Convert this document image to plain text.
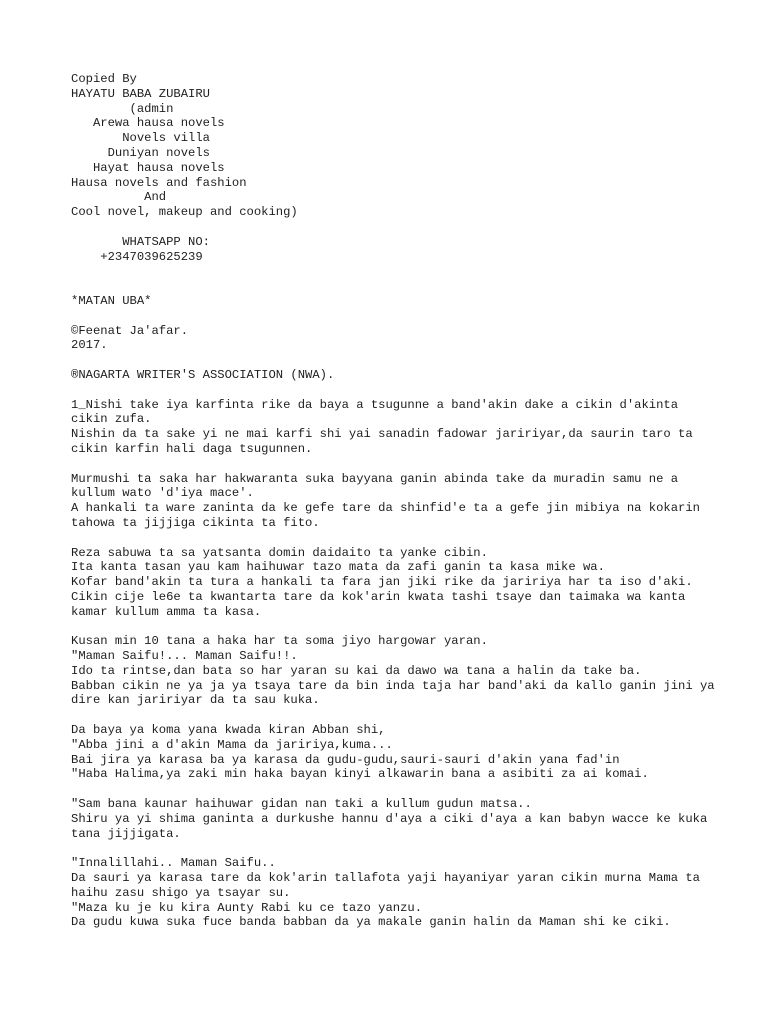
Copied By
HAYATU BABA ZUBAIRU
(admin
Arewa hausa novels
Novels villa
Duniyan novels
Hayat hausa novels
Hausa novels and fashion
And
Cool novel, makeup and cooking)
WHATSAPP NO:
+2347039625239
*MATAN UBA*
©Feenat Ja'afar.
2017.
®NAGARTA WRITER'S ASSOCIATION (NWA).
1_Nishi take iya karfinta rike da baya a tsugunne a band'akin dake a cikin d'akinta cikin zufa.
Nishin da ta sake yi ne mai karfi shi yai sanadin fadowar jaririyar,da saurin taro ta cikin karfin hali daga tsugunnen.
Murmushi ta saka har hakwaranta suka bayyana ganin abinda take da muradin samu ne a kullum wato 'd'iya mace'.
A hankali ta ware zaninta da ke gefe tare da shinfid'e ta a gefe jin mibiya na kokarin tahowa ta jijjiga cikinta ta fito.
Reza sabuwa ta sa yatsanta domin daidaito ta yanke cibin.
Ita kanta tasan yau kam haihuwar tazo mata da zafi ganin ta kasa mike wa.
Kofar band'akin ta tura a hankali ta fara jan jiki rike da jaririya har ta iso d'aki.
Cikin cije le6e ta kwantarta tare da kok'arin kwata tashi tsaye dan taimaka wa kanta kamar kullum amma ta kasa.
Kusan min 10 tana a haka har ta soma jiyo hargowar yaran.
"Maman Saifu!... Maman Saifu!!.
Ido ta rintse,dan bata so har yaran su kai da dawo wa tana a halin da take ba.
Babban cikin ne ya ja ya tsaya tare da bin inda taja har band'aki da kallo ganin jini ya dire kan jaririyar da ta sau kuka.
Da baya ya koma yana kwada kiran Abban shi,
"Abba jini a d'akin Mama da jaririya,kuma...
Bai jira ya karasa ba ya karasa da gudu-gudu,sauri-sauri d'akin yana fad'in
"Haba Halima,ya zaki min haka bayan kinyi alkawarin bana a asibiti za ai komai.
"Sam bana kaunar haihuwar gidan nan taki a kullum gudun matsa..
Shiru ya yi shima ganinta a durkushe hannu d'aya a ciki d'aya a kan babyn wacce ke kuka tana jijjigata.
"Innalillahi.. Maman Saifu..
Da sauri ya karasa tare da kok'arin tallafota yaji hayaniyar yaran cikin murna Mama ta haihu zasu shigo ya tsayar su.
"Maza ku je ku kira Aunty Rabi ku ce tazo yanzu.
Da gudu kuwa suka fuce banda babban da ya makale ganin halin da Maman shi ke ciki.
